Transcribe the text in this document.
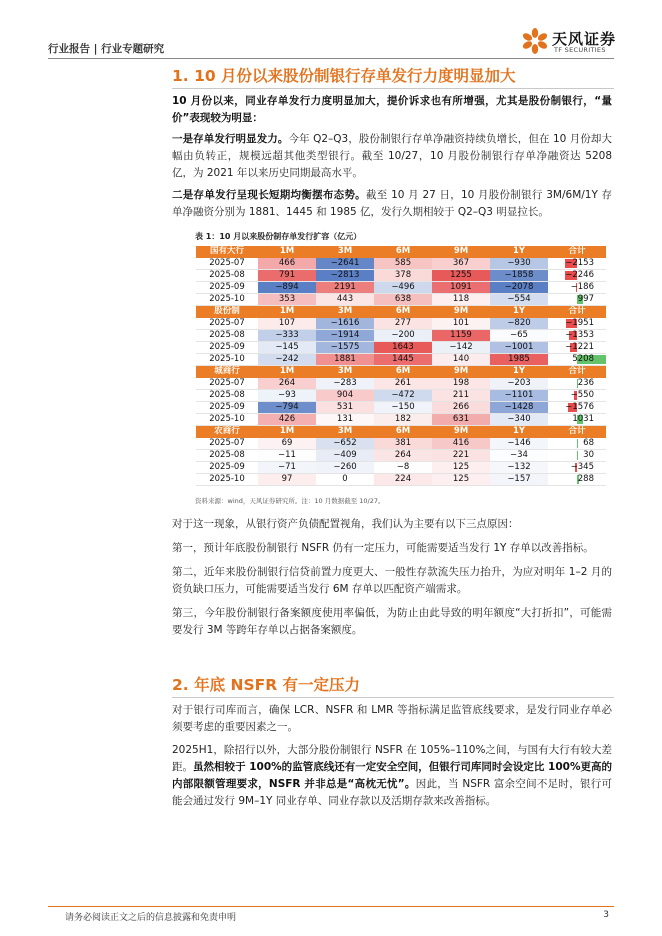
行业报告 | 行业专题研究
天风证券
TF SECURITIES
1. 10 月份以来股份制银行存单发行力度明显加大
10 月份以来，同业存单发行力度明显加大，提价诉求也有所增强，尤其是股份制银行，“量价”表现较为明显：
一是存单发行明显发力。今年 Q2–Q3，股份制银行存单净融资持续负增长，但在 10 月份却大幅由负转正，规模远超其他类型银行。截至 10/27，10 月股份制银行存单净融资达 5208 亿，为 2021 年以来历史同期最高水平。
二是存单发行呈现长短期均衡摆布态势。截至 10 月 27 日，10 月股份制银行 3M/6M/1Y 存单净融资分别为 1881、1445 和 1985 亿，发行久期相较于 Q2–Q3 明显拉长。
表 1：10 月以来股份制存单发行扩容（亿元）
国有大行	1M	3M	6M	9M	1Y	合计
2025-07	466	−2641	585	367	−930	−2153
2025-08	791	−2813	378	1255	−1858	−2246
2025-09	−894	2191	−496	1091	−2078	−186
2025-10	353	443	638	118	−554	997
股份制	1M	3M	6M	9M	1Y	合计
2025-07	107	−1616	277	101	−820	−1951
2025-08	−333	−1914	−200	1159	−65	−1353
2025-09	−145	−1575	1643	−142	−1001	−1221
2025-10	−242	1881	1445	140	1985	5208
城商行	1M	3M	6M	9M	1Y	合计
2025-07	264	−283	261	198	−203	236
2025-08	−93	904	−472	211	−1101	−550
2025-09	−794	531	−150	266	−1428	−1576
2025-10	426	131	182	631	−340	1031
农商行	1M	3M	6M	9M	1Y	合计
2025-07	69	−652	381	416	−146	68
2025-08	−11	−409	264	221	−34	30
2025-09	−71	−260	−8	125	−132	−345
2025-10	97	0	224	125	−157	288
资料来源：wind，天风证券研究所。注：10 月数据截至 10/27。
对于这一现象，从银行资产负债配置视角，我们认为主要有以下三点原因：
第一，预计年底股份制银行 NSFR 仍有一定压力，可能需要适当发行 1Y 存单以改善指标。
第二，近年来股份制银行信贷前置力度更大、一般性存款流失压力抬升，为应对明年 1–2 月的资负缺口压力，可能需要适当发行 6M 存单以匹配资产端需求。
第三，今年股份制银行备案额度使用率偏低，为防止由此导致的明年额度“大打折扣”，可能需要发行 3M 等跨年存单以占据备案额度。
2. 年底 NSFR 有一定压力
对于银行司库而言，确保 LCR、NSFR 和 LMR 等指标满足监管底线要求，是发行同业存单必须要考虑的重要因素之一。
2025H1，除招行以外，大部分股份制银行 NSFR 在 105%–110%之间，与国有大行有较大差距。虽然相较于 100%的监管底线还有一定安全空间，但银行司库同时会设定比 100%更高的内部限额管理要求，NSFR 并非总是“高枕无忧”。因此，当 NSFR 富余空间不足时，银行可能会通过发行 9M–1Y 同业存单、同业存款以及活期存款来改善指标。
请务必阅读正文之后的信息披露和免责申明	3
